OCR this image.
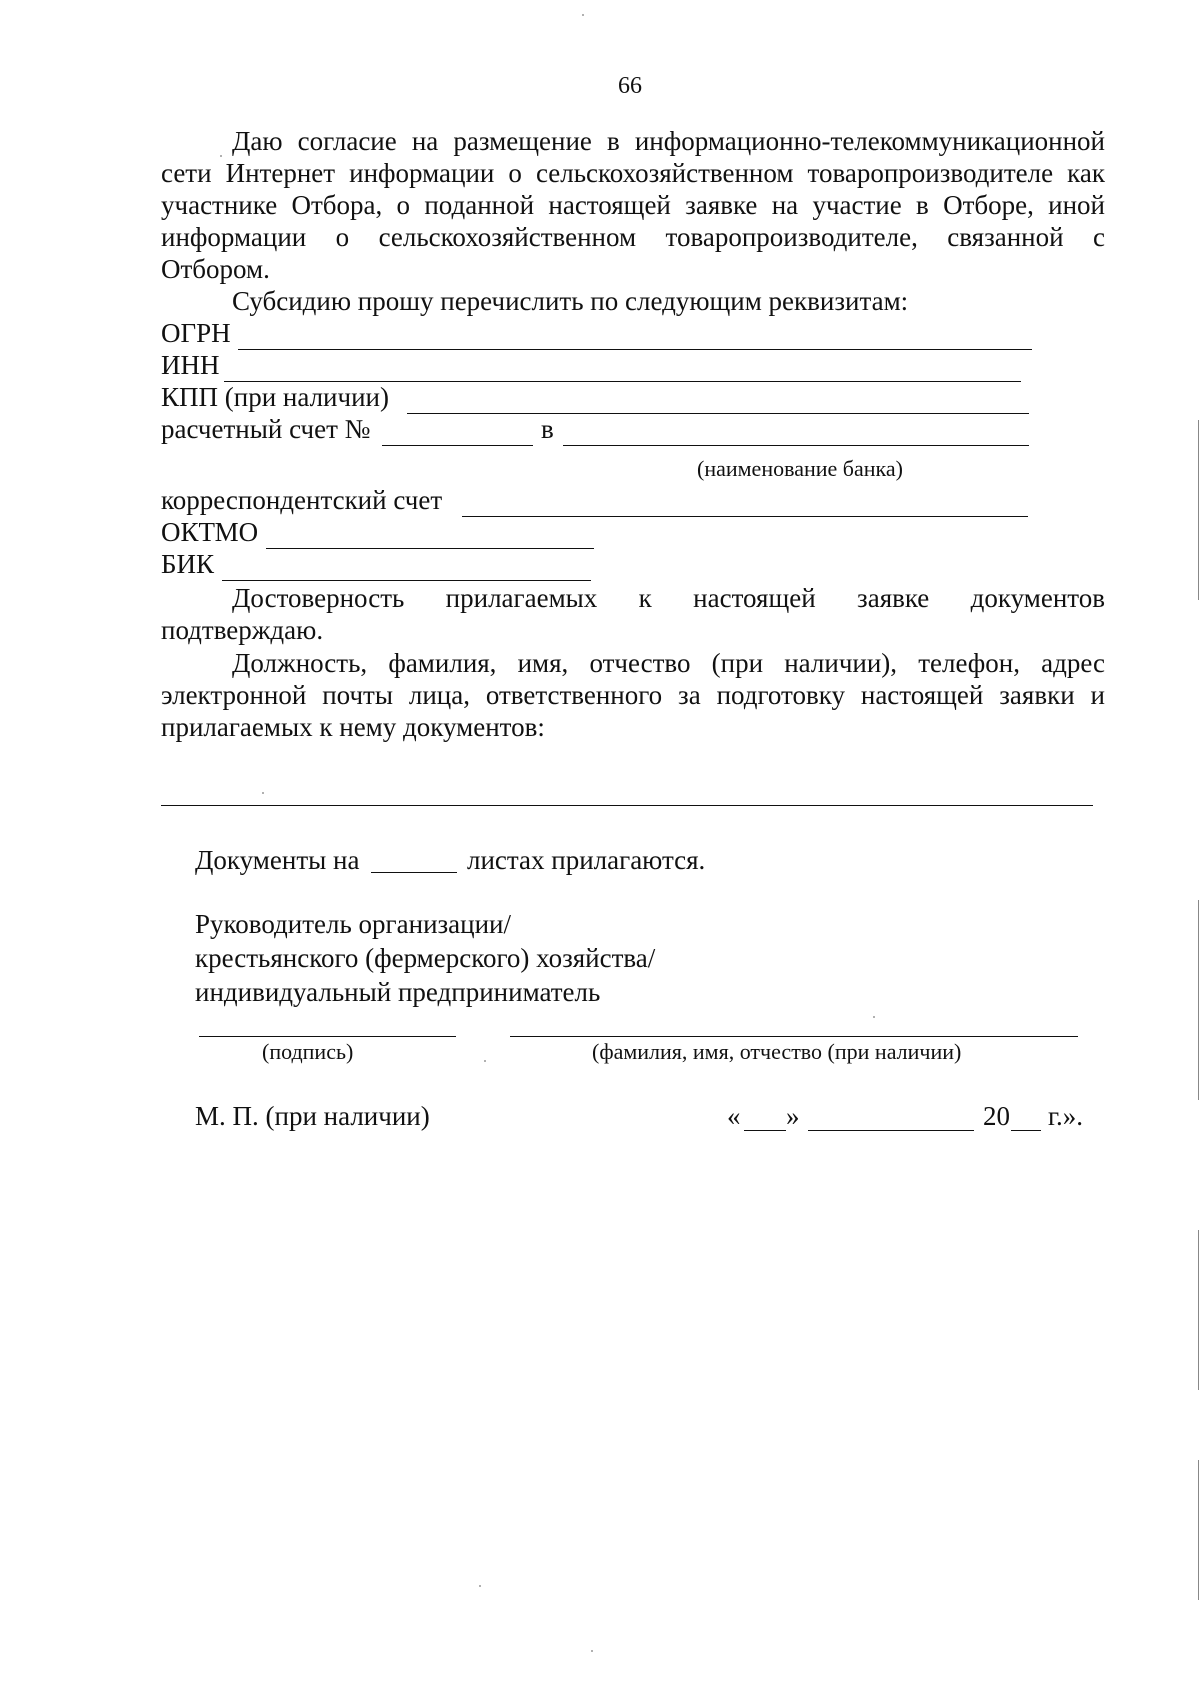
66
Даю согласие на размещение в информационно-телекоммуникационной
сети Интернет информации о сельскохозяйственном товаропроизводителе как
участнике Отбора, о поданной настоящей заявке на участие в Отборе, иной
информации о сельскохозяйственном товаропроизводителе, связанной с
Отбором.
Субсидию прошу перечислить по следующим реквизитам:
ОГРН
ИНН
КПП (при наличии)
расчетный счет №	в
(наименование банка)
корреспондентский счет
ОКТМО
БИК
Достоверность прилагаемых к настоящей заявке документов
подтверждаю.
Должность, фамилия, имя, отчество (при наличии), телефон, адрес
электронной почты лица, ответственного за подготовку настоящей заявки и
прилагаемых к нему документов:
Документы на	листах прилагаются.
Руководитель организации/
крестьянского (фермерского) хозяйства/
индивидуальный предприниматель
(подпись)	(фамилия, имя, отчество (при наличии)
М. П. (при наличии)	« »	20 г.».
